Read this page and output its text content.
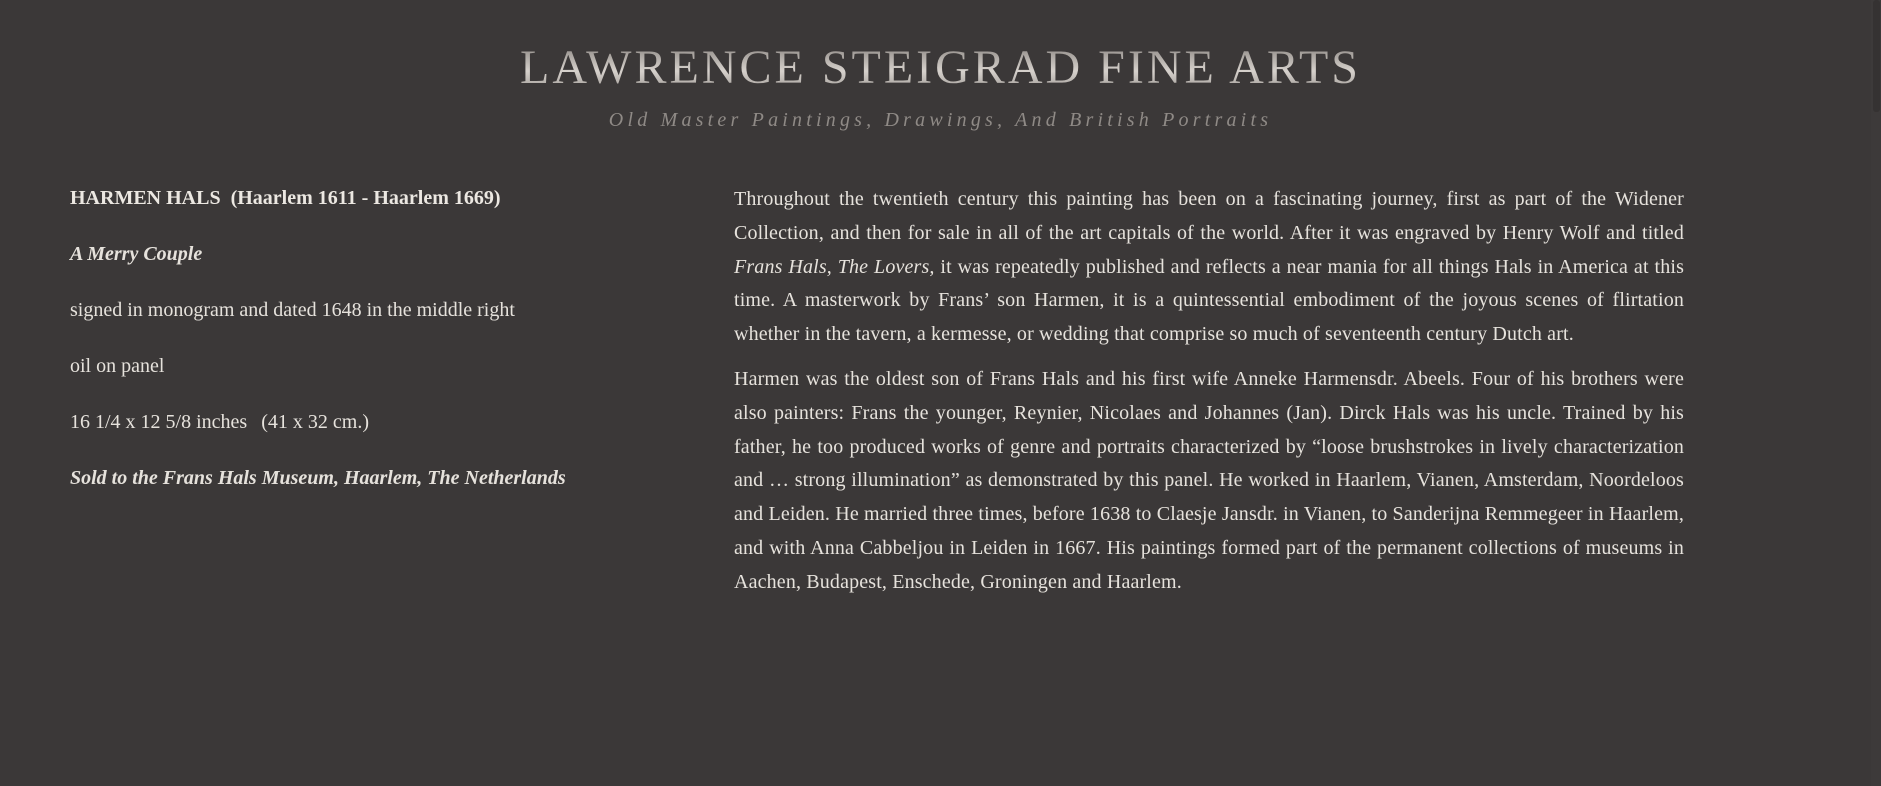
LAWRENCE STEIGRAD FINE ARTS
Old Master Paintings, Drawings, And British Portraits

HARMEN HALS (Haarlem 1611 - Haarlem 1669)

A Merry Couple

signed in monogram and dated 1648 in the middle right

oil on panel

16 1/4 x 12 5/8 inches (41 x 32 cm.)

Sold to the Frans Hals Museum, Haarlem, The Netherlands

Throughout the twentieth century this painting has been on a fascinating journey, first as part of the Widener Collection, and then for sale in all of the art capitals of the world. After it was engraved by Henry Wolf and titled Frans Hals, The Lovers, it was repeatedly published and reflects a near mania for all things Hals in America at this time. A masterwork by Frans’ son Harmen, it is a quintessential embodiment of the joyous scenes of flirtation whether in the tavern, a kermesse, or wedding that comprise so much of seventeenth century Dutch art.

Harmen was the oldest son of Frans Hals and his first wife Anneke Harmensdr. Abeels. Four of his brothers were also painters: Frans the younger, Reynier, Nicolaes and Johannes (Jan). Dirck Hals was his uncle. Trained by his father, he too produced works of genre and portraits characterized by “loose brushstrokes in lively characterization and … strong illumination” as demonstrated by this panel. He worked in Haarlem, Vianen, Amsterdam, Noordeloos and Leiden. He married three times, before 1638 to Claesje Jansdr. in Vianen, to Sanderijna Remmegeer in Haarlem, and with Anna Cabbeljou in Leiden in 1667. His paintings formed part of the permanent collections of museums in Aachen, Budapest, Enschede, Groningen and Haarlem.
